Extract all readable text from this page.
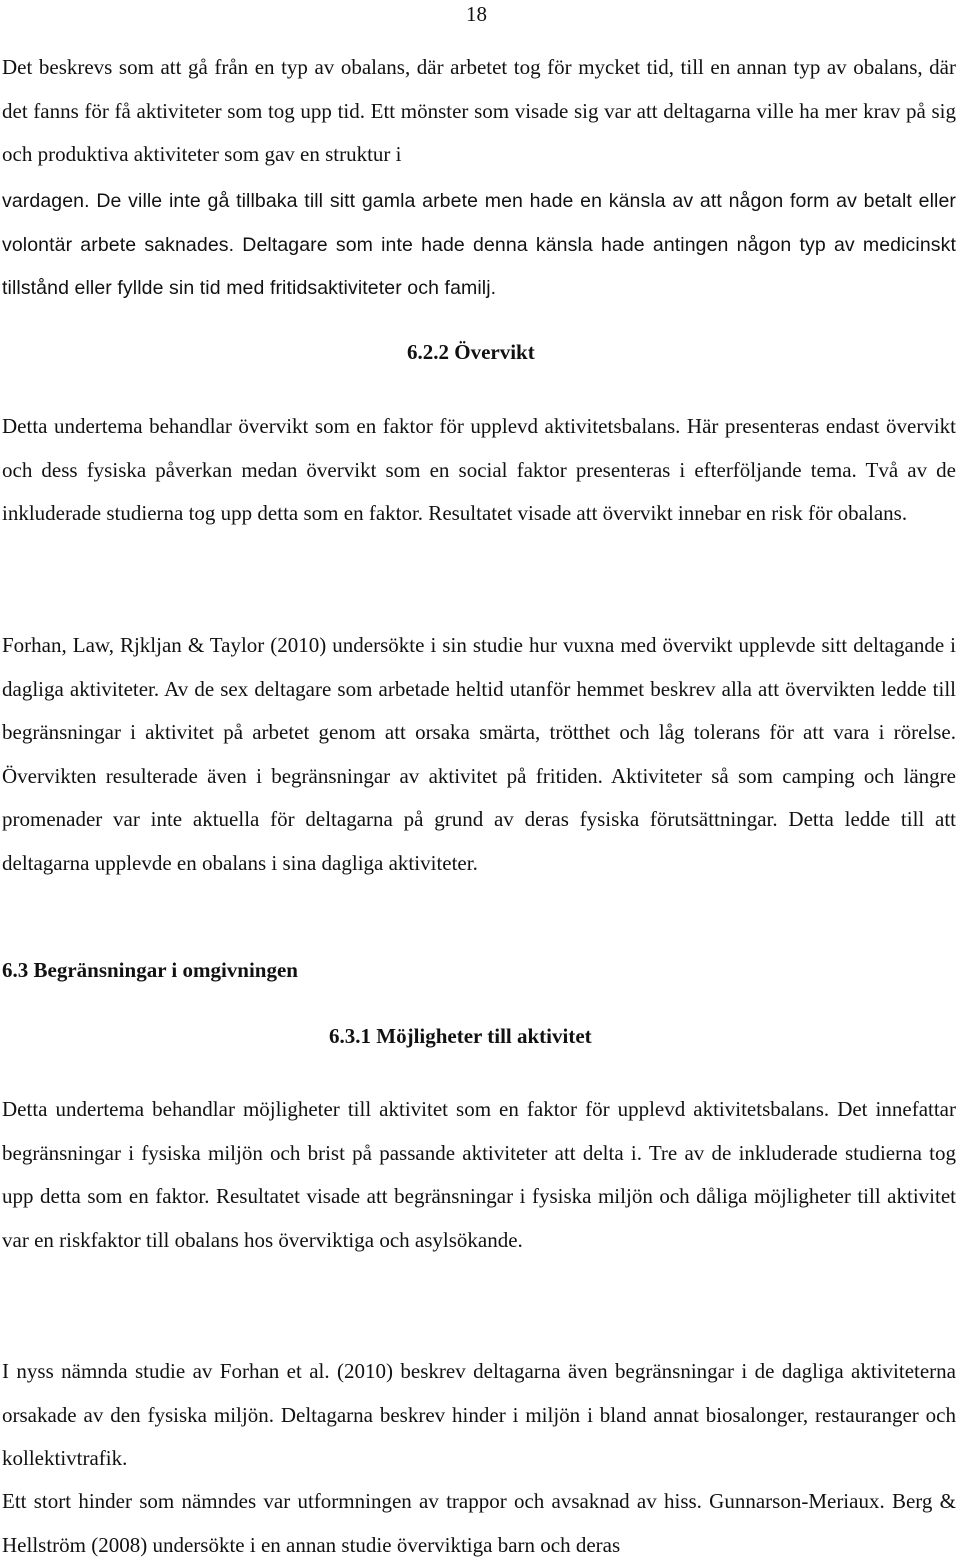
18

Det beskrevs som att gå från en typ av obalans, där arbetet tog för mycket tid, till en annan typ av obalans, där det fanns för få aktiviteter som tog upp tid. Ett mönster som visade sig var att deltagarna ville ha mer krav på sig och produktiva aktiviteter som gav en struktur i

vardagen. De ville inte gå tillbaka till sitt gamla arbete men hade en känsla av att någon form av betalt eller volontär arbete saknades. Deltagare som inte hade denna känsla hade antingen någon typ av medicinskt tillstånd eller fyllde sin tid med fritidsaktiviteter och familj.

6.2.2 Övervikt

Detta undertema behandlar övervikt som en faktor för upplevd aktivitetsbalans. Här presenteras endast övervikt och dess fysiska påverkan medan övervikt som en social faktor presenteras i efterföljande tema. Två av de inkluderade studierna tog upp detta som en faktor. Resultatet visade att övervikt innebar en risk för obalans.

Forhan, Law, Rjkljan & Taylor (2010) undersökte i sin studie hur vuxna med övervikt upplevde sitt deltagande i dagliga aktiviteter. Av de sex deltagare som arbetade heltid utanför hemmet beskrev alla att övervikten ledde till begränsningar i aktivitet på arbetet genom att orsaka smärta, trötthet och låg tolerans för att vara i rörelse. Övervikten resulterade även i begränsningar av aktivitet på fritiden. Aktiviteter så som camping och längre promenader var inte aktuella för deltagarna på grund av deras fysiska förutsättningar. Detta ledde till att deltagarna upplevde en obalans i sina dagliga aktiviteter.

6.3 Begränsningar i omgivningen
6.3.1 Möjligheter till aktivitet

Detta undertema behandlar möjligheter till aktivitet som en faktor för upplevd aktivitetsbalans. Det innefattar begränsningar i fysiska miljön och brist på passande aktiviteter att delta i. Tre av de inkluderade studierna tog upp detta som en faktor. Resultatet visade att begränsningar i fysiska miljön och dåliga möjligheter till aktivitet var en riskfaktor till obalans hos överviktiga och asylsökande.

I nyss nämnda studie av Forhan et al. (2010) beskrev deltagarna även begränsningar i de dagliga aktiviteterna orsakade av den fysiska miljön. Deltagarna beskrev hinder i miljön i bland annat biosalonger, restauranger och kollektivtrafik.

Ett stort hinder som nämndes var utformningen av trappor och avsaknad av hiss. Gunnarson-Meriaux. Berg & Hellström (2008) undersökte i en annan studie överviktiga barn och deras
